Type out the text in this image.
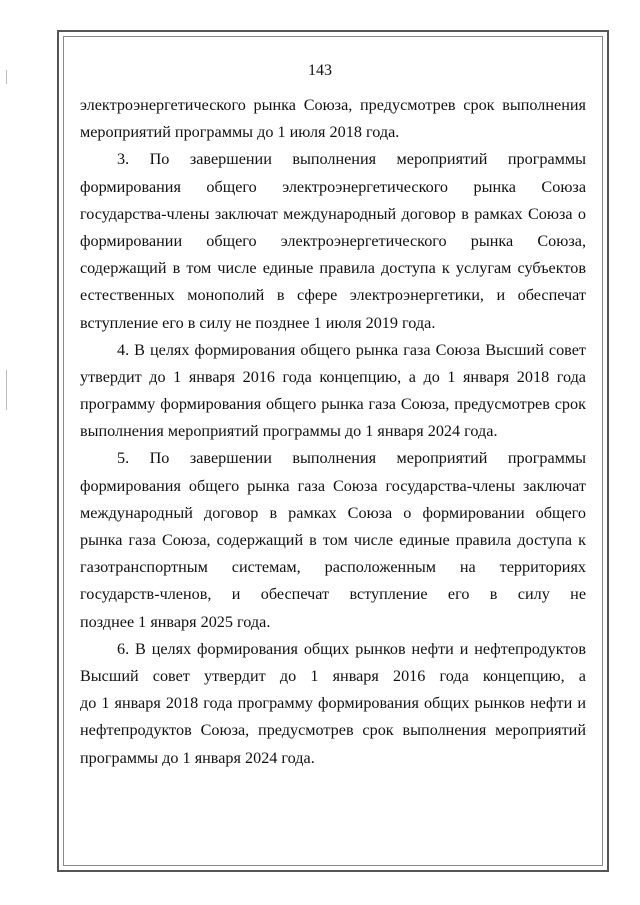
143
электроэнергетического рынка Союза, предусмотрев срок выполнения
мероприятий программы до 1 июля 2018 года.
3. По завершении выполнения мероприятий программы
формирования общего электроэнергетического рынка Союза
государства-члены заключат международный договор в рамках Союза о
формировании общего электроэнергетического рынка Союза,
содержащий в том числе единые правила доступа к услугам субъектов
естественных монополий в сфере электроэнергетики, и обеспечат
вступление его в силу не позднее 1 июля 2019 года.
4. В целях формирования общего рынка газа Союза Высший совет
утвердит до 1 января 2016 года концепцию, а до 1 января 2018 года
программу формирования общего рынка газа Союза, предусмотрев срок
выполнения мероприятий программы до 1 января 2024 года.
5. По завершении выполнения мероприятий программы
формирования общего рынка газа Союза государства-члены заключат
международный договор в рамках Союза о формировании общего
рынка газа Союза, содержащий в том числе единые правила доступа к
газотранспортным системам, расположенным на территориях
государств-членов, и обеспечат вступление его в силу не
позднее 1 января 2025 года.
6. В целях формирования общих рынков нефти и нефтепродуктов
Высший совет утвердит до 1 января 2016 года концепцию, а
до 1 января 2018 года программу формирования общих рынков нефти и
нефтепродуктов Союза, предусмотрев срок выполнения мероприятий
программы до 1 января 2024 года.
